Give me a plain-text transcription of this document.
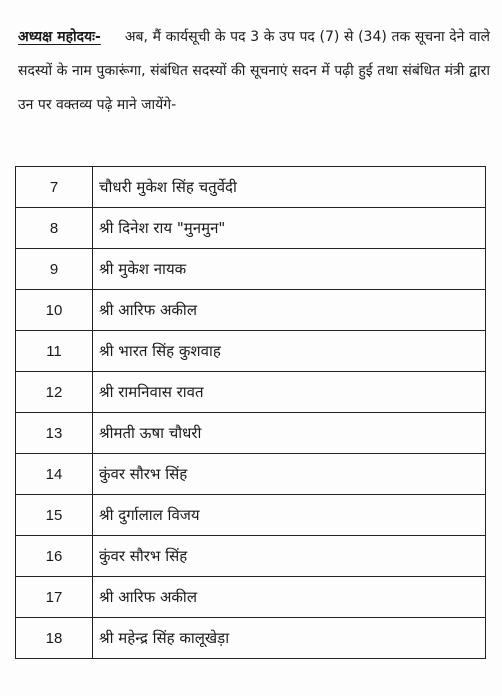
अध्यक्ष महोदयः- अब, मैं कार्यसूची के पद 3 के उप पद (7) से (34) तक सूचना देने वाले सदस्यों के नाम पुकारूंगा, संबंधित सदस्यों की सूचनाएं सदन में पढ़ी हुई तथा संबंधित मंत्री द्वारा उन पर वक्तव्य पढ़े माने जायेंगे-

7	चौधरी मुकेश सिंह चतुर्वेदी
8	श्री दिनेश राय "मुनमुन"
9	श्री मुकेश नायक
10	श्री आरिफ अकील
11	श्री भारत सिंह कुशवाह
12	श्री रामनिवास रावत
13	श्रीमती ऊषा चौधरी
14	कुंवर सौरभ सिंह
15	श्री दुर्गालाल विजय
16	कुंवर सौरभ सिंह
17	श्री आरिफ अकील
18	श्री महेन्द्र सिंह कालूखेड़ा
